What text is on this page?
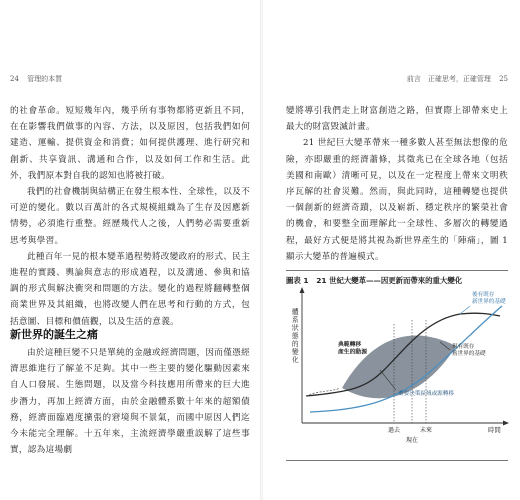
24 管理的本質

的社會革命。短短幾年內，幾乎所有事物都將更新且不同，在在影響我們做事的內容、方法，以及原因，包括我們如何建造、運輸、提供資金和消費；如何提供護理、進行研究和創新、共享資訊、溝通和合作，以及如何工作和生活。此外，我們原本對自我的認知也將被打破。

我們的社會機制與結構正在發生根本性、全球性，以及不可逆的變化。數以百萬計的各式規模組織為了生存及因應新情勢，必須進行重整。經歷幾代人之後，人們勢必需要重新思考與學習。

此種百年一見的根本變革過程勢將改變政府的形式、民主進程的實踐、輿論與意志的形成過程，以及溝通、參與和協調的形式與解決衝突和問題的方法。變化的過程將翻轉整個商業世界及其組織，也將改變人們在思考和行動的方式，包括意圖、目標和價值觀，以及生活的意義。

新世界的誕生之痛

由於這種巨變不只是單純的金融或經濟問題，因而僅憑經濟思維進行了解並不足夠。其中一些主要的變化驅動因素來自人口發展、生態問題，以及當今科技應用所帶來的巨大進步潛力，再加上經濟方面，由於金融體系數十年來的超額債務，經濟面臨過度擴張的窘境與不景氣，而國中原因人們迄今未能完全理解。十五年來，主流經濟學嚴重誤解了這些事實，認為這場劇

前言　正確思考，正確管理 25

變將導引我們走上財富創造之路，但實際上卻帶來史上最大的財富毀滅計畫。

21 世紀巨大變革帶來一種多數人甚至無法想像的危險，亦即嚴重的經濟蕭條，其徵兆已在全球各地（包括美國和南歐）清晰可見，以及在一定程度上帶來文明秩序瓦解的社會災難。然而，與此同時，這種轉變也提供一個創新的經濟奇蹟，以及嶄新、穩定秩序的繁榮社會的機會，和要整全面理解此一全球性、多層次的轉變過程，最好方式便是將其視為新世界產生的「陣痛」，圖 1 顯示大變革的普遍模式。

圖表 1 21 世紀大變革——因更新而帶來的重大變化
體系狀態的變化
後有既存 新世界的基礎
現有既存 舊世界的基礎
典範轉移 產生的動源
重要決策區域或源轉移
過去	未來
現在
時間
